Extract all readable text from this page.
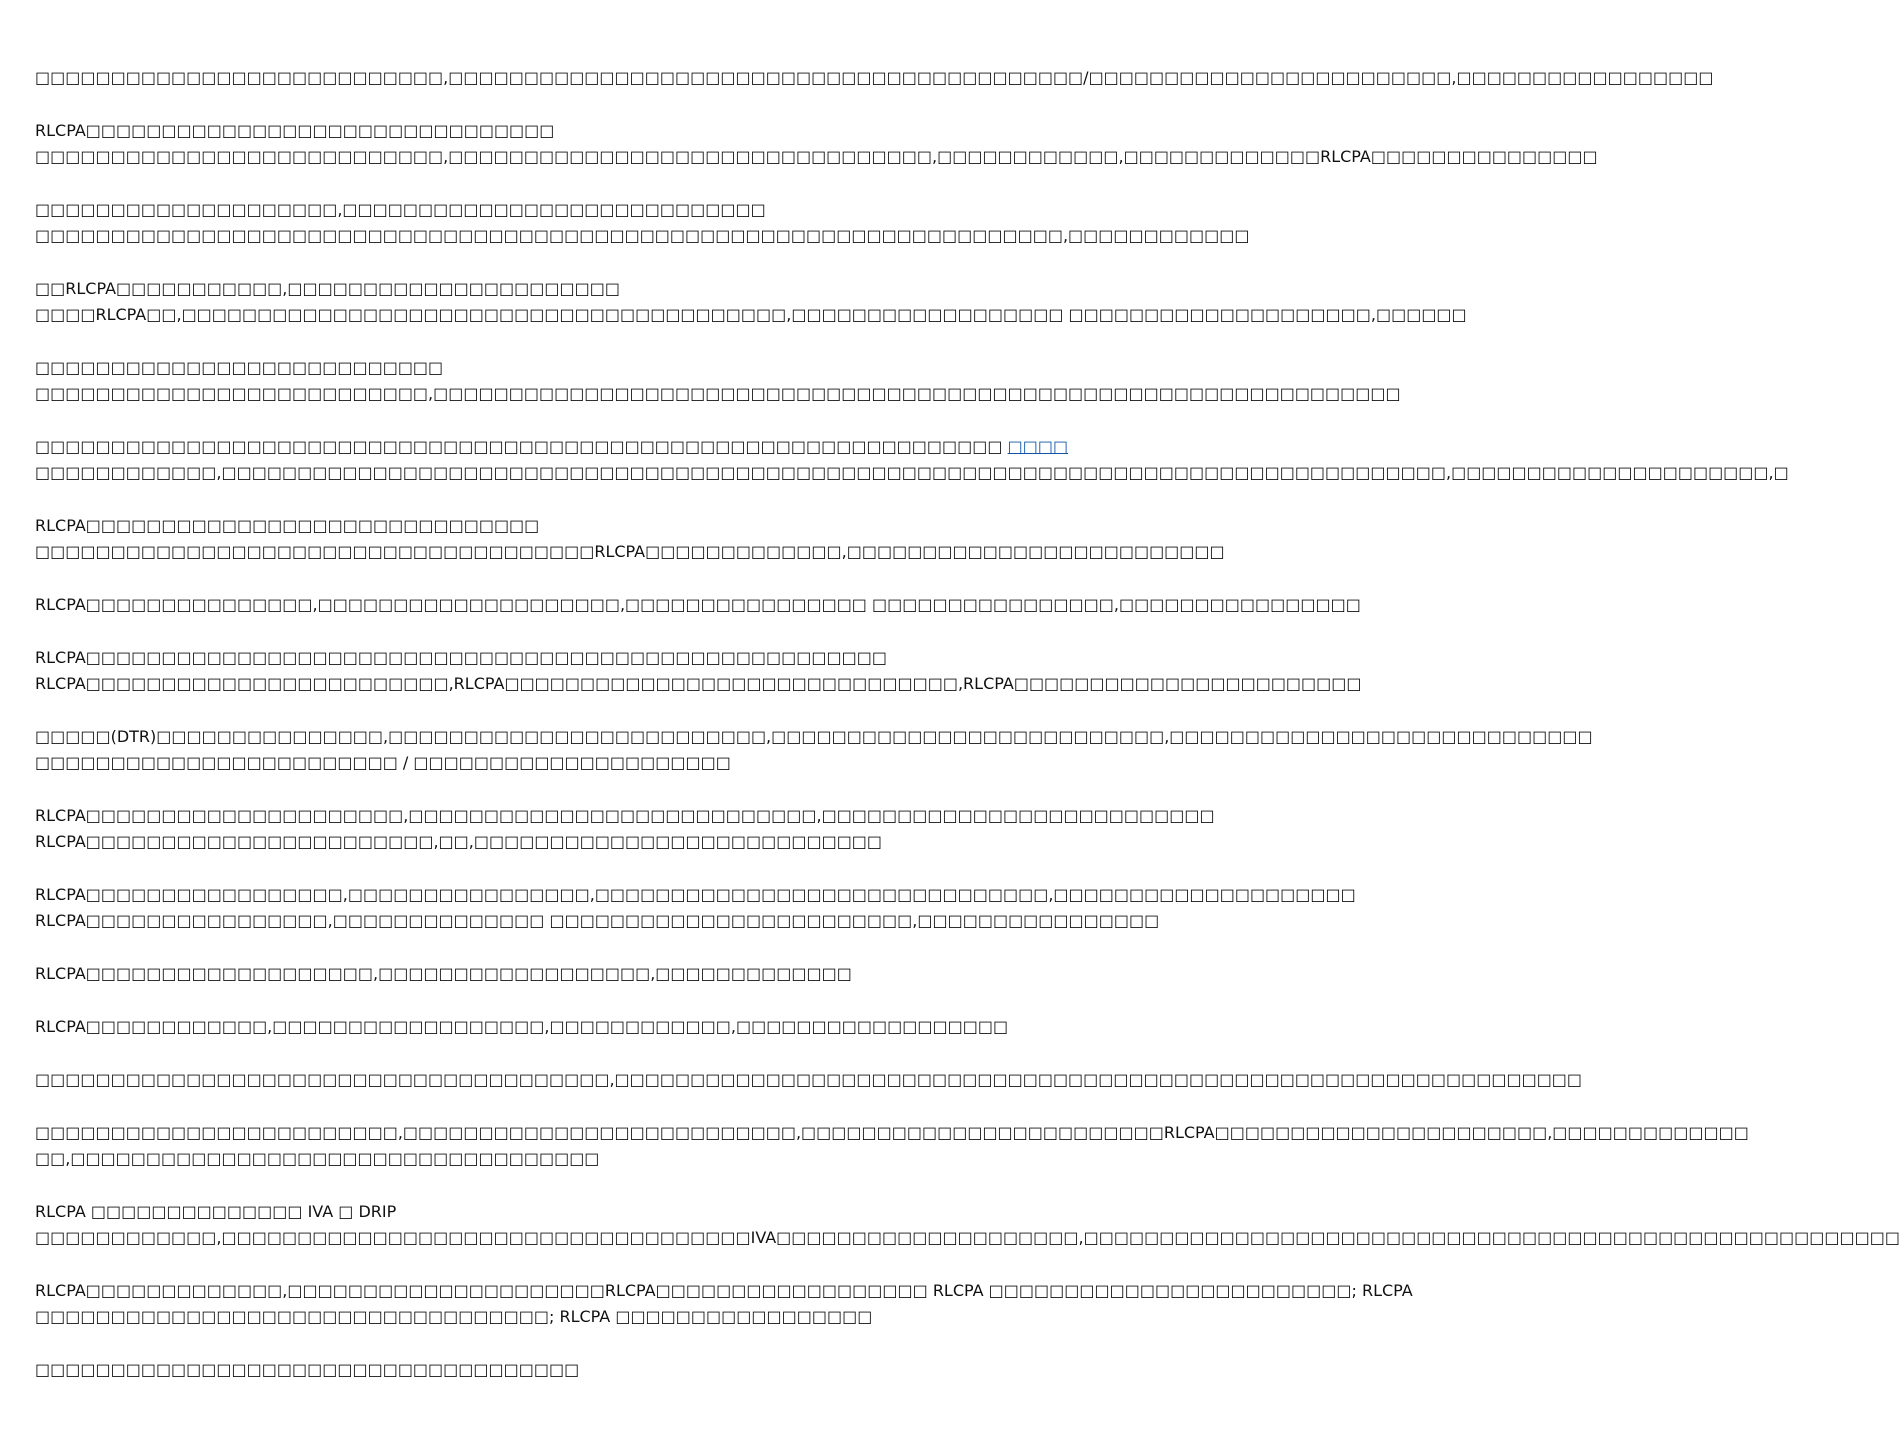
□□□□□□□□□□□□□□□□□□□□□□□□□□□,□□□□□□□□□□□□□□□□□□□□□□□□□□□□□□□□□□□□□□□□□□/□□□□□□□□□□□□□□□□□□□□□□□□,□□□□□□□□□□□□□□□□□
RLCPA□□□□□□□□□□□□□□□□□□□□□□□□□□□□□□□
□□□□□□□□□□□□□□□□□□□□□□□□□□□,□□□□□□□□□□□□□□□□□□□□□□□□□□□□□□□□,□□□□□□□□□□□□,□□□□□□□□□□□□□RLCPA□□□□□□□□□□□□□□□
□□□□□□□□□□□□□□□□□□□□,□□□□□□□□□□□□□□□□□□□□□□□□□□□□
□□□□□□□□□□□□□□□□□□□□□□□□□□□□□□□□□□□□□□□□□□□□□□□□□□□□□□□□□□□□□□□□□□□□,□□□□□□□□□□□□
□□RLCPA□□□□□□□□□□□,□□□□□□□□□□□□□□□□□□□□□□
□□□□RLCPA□□,□□□□□□□□□□□□□□□□□□□□□□□□□□□□□□□□□□□□□□□□,□□□□□□□□□□□□□□□□□□ □□□□□□□□□□□□□□□□□□□□,□□□□□□
□□□□□□□□□□□□□□□□□□□□□□□□□□□
□□□□□□□□□□□□□□□□□□□□□□□□□□,□□□□□□□□□□□□□□□□□□□□□□□□□□□□□□□□□□□□□□□□□□□□□□□□□□□□□□□□□□□□□□□□
□□□□□□□□□□□□□□□□□□□□□□□□□□□□□□□□□□□□□□□□□□□□□□□□□□□□□□□□□□□□□□□□ □□□□
□□□□□□□□□□□□,□□□□□□□□□□□□□□□□□□□□□□□□□□□□□□□□□□□□□□□□□□□□□□□□□□□□□□□□□□□□□□□□□□□□□□□□□□□□□□□□□,□□□□□□□□□□□□□□□□□□□□□,□
RLCPA□□□□□□□□□□□□□□□□□□□□□□□□□□□□□□
□□□□□□□□□□□□□□□□□□□□□□□□□□□□□□□□□□□□□RLCPA□□□□□□□□□□□□□,□□□□□□□□□□□□□□□□□□□□□□□□□
RLCPA□□□□□□□□□□□□□□□,□□□□□□□□□□□□□□□□□□□□,□□□□□□□□□□□□□□□□ □□□□□□□□□□□□□□□□,□□□□□□□□□□□□□□□□
RLCPA□□□□□□□□□□□□□□□□□□□□□□□□□□□□□□□□□□□□□□□□□□□□□□□□□□□□□
RLCPA□□□□□□□□□□□□□□□□□□□□□□□□,RLCPA□□□□□□□□□□□□□□□□□□□□□□□□□□□□□□,RLCPA□□□□□□□□□□□□□□□□□□□□□□□
□□□□□(DTR)□□□□□□□□□□□□□□□,□□□□□□□□□□□□□□□□□□□□□□□□□,□□□□□□□□□□□□□□□□□□□□□□□□□□,□□□□□□□□□□□□□□□□□□□□□□□□□□□□
□□□□□□□□□□□□□□□□□□□□□□□□ / □□□□□□□□□□□□□□□□□□□□□
RLCPA□□□□□□□□□□□□□□□□□□□□□,□□□□□□□□□□□□□□□□□□□□□□□□□□□,□□□□□□□□□□□□□□□□□□□□□□□□□□
RLCPA□□□□□□□□□□□□□□□□□□□□□□□,□□,□□□□□□□□□□□□□□□□□□□□□□□□□□□
RLCPA□□□□□□□□□□□□□□□□□,□□□□□□□□□□□□□□□□,□□□□□□□□□□□□□□□□□□□□□□□□□□□□□□,□□□□□□□□□□□□□□□□□□□□
RLCPA□□□□□□□□□□□□□□□□,□□□□□□□□□□□□□□ □□□□□□□□□□□□□□□□□□□□□□□□,□□□□□□□□□□□□□□□□
RLCPA□□□□□□□□□□□□□□□□□□□,□□□□□□□□□□□□□□□□□□,□□□□□□□□□□□□□
RLCPA□□□□□□□□□□□□,□□□□□□□□□□□□□□□□□□,□□□□□□□□□□□□,□□□□□□□□□□□□□□□□□□
□□□□□□□□□□□□□□□□□□□□□□□□□□□□□□□□□□□□□□,□□□□□□□□□□□□□□□□□□□□□□□□□□□□□□□□□□□□□□□□□□□□□□□□□□□□□□□□□□□□□□□□
□□□□□□□□□□□□□□□□□□□□□□□□,□□□□□□□□□□□□□□□□□□□□□□□□□□,□□□□□□□□□□□□□□□□□□□□□□□□RLCPA□□□□□□□□□□□□□□□□□□□□□□,□□□□□□□□□□□□□
□□,□□□□□□□□□□□□□□□□□□□□□□□□□□□□□□□□□□□
RLCPA □□□□□□□□□□□□□□ IVA □ DRIP
□□□□□□□□□□□□,□□□□□□□□□□□□□□□□□□□□□□□□□□□□□□□□□□□IVA□□□□□□□□□□□□□□□□□□□□,□□□□□□□□□□□□□□□□□□□□□□□□□□□□□□□□□□□□□□□□□□□□□□□□□□□□□□
RLCPA□□□□□□□□□□□□□,□□□□□□□□□□□□□□□□□□□□□RLCPA□□□□□□□□□□□□□□□□□□ RLCPA □□□□□□□□□□□□□□□□□□□□□□□□; RLCPA
□□□□□□□□□□□□□□□□□□□□□□□□□□□□□□□□□□; RLCPA □□□□□□□□□□□□□□□□□
□□□□□□□□□□□□□□□□□□□□□□□□□□□□□□□□□□□□
